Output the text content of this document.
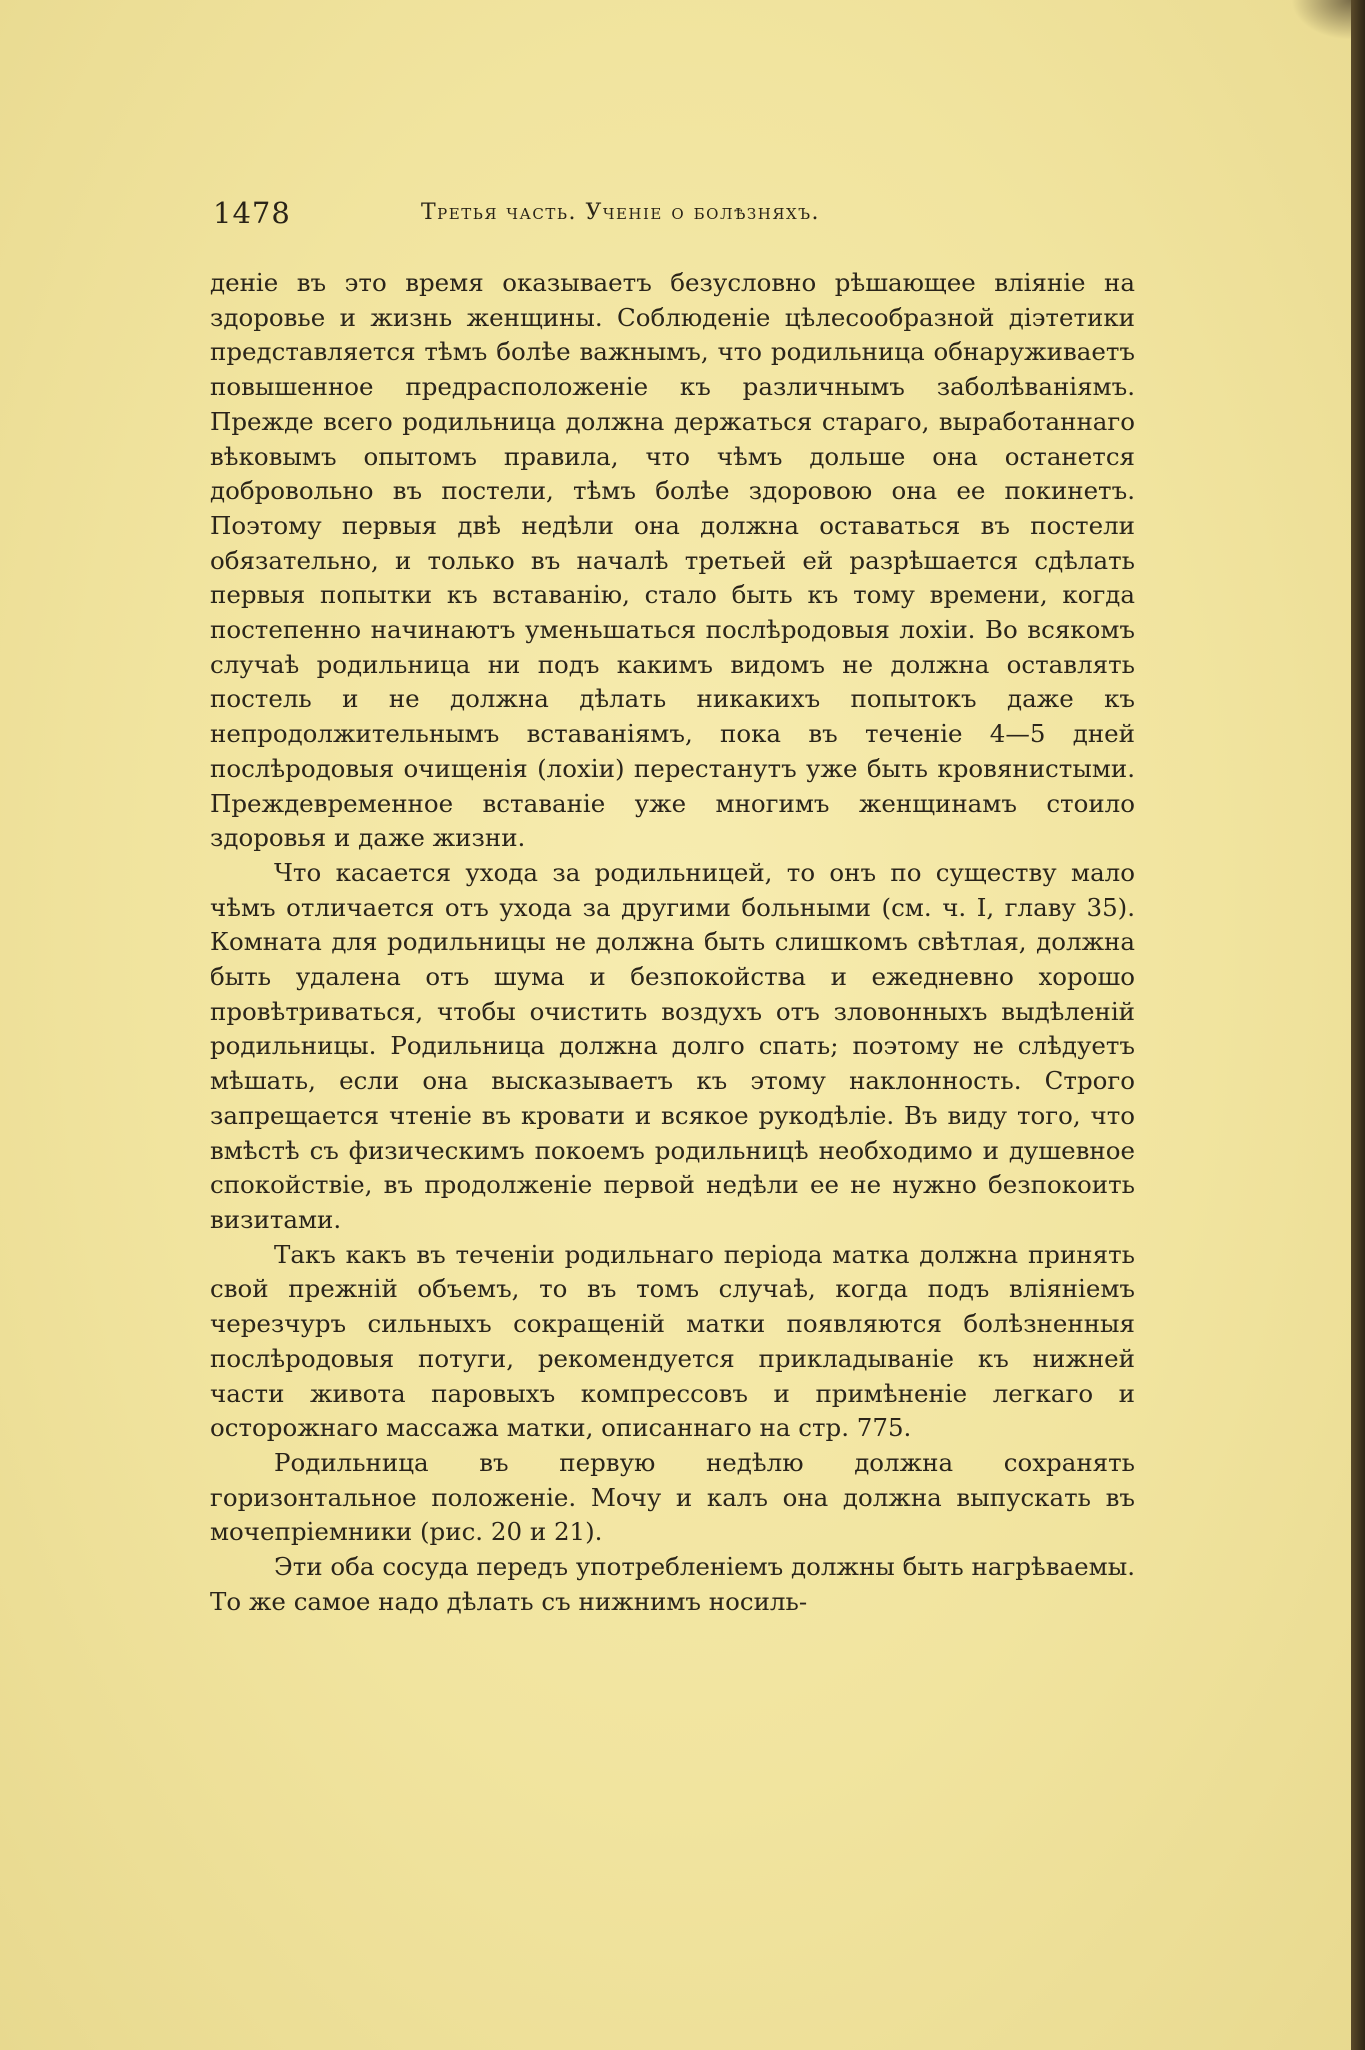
1478	Третья часть. Ученіе о болѣзняхъ.

деніе въ это время оказываетъ безусловно рѣшающее вліяніе на здоровье и жизнь женщины. Соблюденіе цѣлесообразной діэтетики представляется тѣмъ болѣе важнымъ, что родильница обнаруживаетъ повышенное предрасположеніе къ различнымъ заболѣваніямъ. Прежде всего родильница должна держаться стараго, выработаннаго вѣковымъ опытомъ правила, что чѣмъ дольше она останется добровольно въ постели, тѣмъ болѣе здоровою она ее покинетъ. Поэтому первыя двѣ недѣли она должна оставаться въ постели обязательно, и только въ началѣ третьей ей разрѣшается сдѣлать первыя попытки къ вставанію, стало быть къ тому времени, когда постепенно начинаютъ уменьшаться послѣродовыя лохіи. Во всякомъ случаѣ родильница ни подъ какимъ видомъ не должна оставлять постель и не должна дѣлать никакихъ попытокъ даже къ непродолжительнымъ вставаніямъ, пока въ теченіе 4—5 дней послѣродовыя очищенія (лохіи) перестанутъ уже быть кровянистыми. Преждевременное вставаніе уже многимъ женщинамъ стоило здоровья и даже жизни.

Что касается ухода за родильницей, то онъ по существу мало чѣмъ отличается отъ ухода за другими больными (см. ч. I, главу 35). Комната для родильницы не должна быть слишкомъ свѣтлая, должна быть удалена отъ шума и безпокойства и ежедневно хорошо провѣтриваться, чтобы очистить воздухъ отъ зловонныхъ выдѣленій родильницы. Родильница должна долго спать; поэтому не слѣдуетъ мѣшать, если она высказываетъ къ этому наклонность. Строго запрещается чтеніе въ кровати и всякое рукодѣліе. Въ виду того, что вмѣстѣ съ физическимъ покоемъ родильницѣ необходимо и душевное спокойствіе, въ продолженіе первой недѣли ее не нужно безпокоить визитами.

Такъ какъ въ теченіи родильнаго періода матка должна принять свой прежній объемъ, то въ томъ случаѣ, когда подъ вліяніемъ черезчуръ сильныхъ сокращеній матки появляются болѣзненныя послѣродовыя потуги, рекомендуется прикладываніе къ нижней части живота паровыхъ компрессовъ и примѣненіе легкаго и осторожнаго массажа матки, описаннаго на стр. 775.

Родильница въ первую недѣлю должна сохранять горизонтальное положеніе. Мочу и калъ она должна выпускать въ мочепріемники (рис. 20 и 21).

Эти оба сосуда передъ употребленіемъ должны быть нагрѣваемы. То же самое надо дѣлать съ нижнимъ носиль-
